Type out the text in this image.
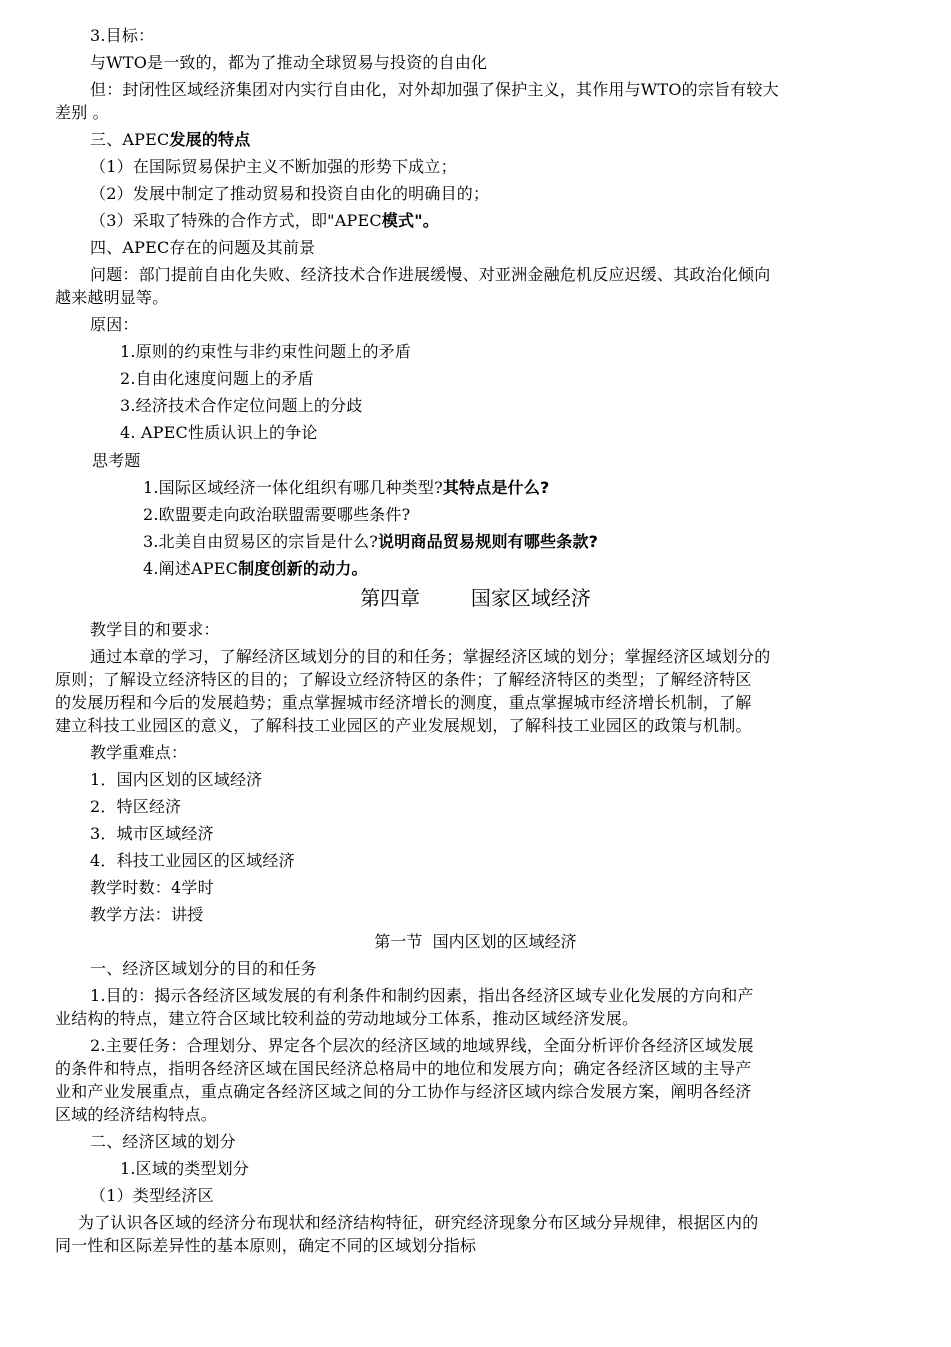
3.目标：
与WTO是一致的，都为了推动全球贸易与投资的自由化
但：封闭性区域经济集团对内实行自由化，对外却加强了保护主义，其作用与WTO的宗旨有较大
差别 。
三、APEC发展的特点
（1）在国际贸易保护主义不断加强的形势下成立；
（2）发展中制定了推动贸易和投资自由化的明确目的；
（3）采取了特殊的合作方式，即"APEC模式"。
四、APEC存在的问题及其前景
问题：部门提前自由化失败、经济技术合作进展缓慢、对亚洲金融危机反应迟缓、其政治化倾向
越来越明显等。
原因：
1.原则的约束性与非约束性问题上的矛盾
2.自由化速度问题上的矛盾
3.经济技术合作定位问题上的分歧
4. APEC性质认识上的争论
思考题
1.国际区域经济一体化组织有哪几种类型?其特点是什么?
2.欧盟要走向政治联盟需要哪些条件?
3.北美自由贸易区的宗旨是什么?说明商品贸易规则有哪些条款?
4.阐述APEC制度创新的动力。
第四章        国家区域经济
教学目的和要求：
通过本章的学习，了解经济区域划分的目的和任务；掌握经济区域的划分；掌握经济区域划分的
原则；了解设立经济特区的目的；了解设立经济特区的条件；了解经济特区的类型；了解经济特区
的发展历程和今后的发展趋势；重点掌握城市经济增长的测度，重点掌握城市经济增长机制，了解
建立科技工业园区的意义，了解科技工业园区的产业发展规划，了解科技工业园区的政策与机制。
教学重难点：
1．国内区划的区域经济
2．特区经济
3．城市区域经济
4．科技工业园区的区域经济
教学时数：4学时
教学方法：讲授
第一节  国内区划的区域经济
一、经济区域划分的目的和任务
1.目的：揭示各经济区域发展的有利条件和制约因素，指出各经济区域专业化发展的方向和产
业结构的特点，建立符合区域比较利益的劳动地域分工体系，推动区域经济发展。
2.主要任务：合理划分、界定各个层次的经济区域的地域界线，全面分析评价各经济区域发展
的条件和特点，指明各经济区域在国民经济总格局中的地位和发展方向；确定各经济区域的主导产
业和产业发展重点，重点确定各经济区域之间的分工协作与经济区域内综合发展方案，阐明各经济
区域的经济结构特点。
二、经济区域的划分
1.区域的类型划分
（1）类型经济区
为了认识各区域的经济分布现状和经济结构特征，研究经济现象分布区域分异规律，根据区内的
同一性和区际差异性的基本原则，确定不同的区域划分指标
